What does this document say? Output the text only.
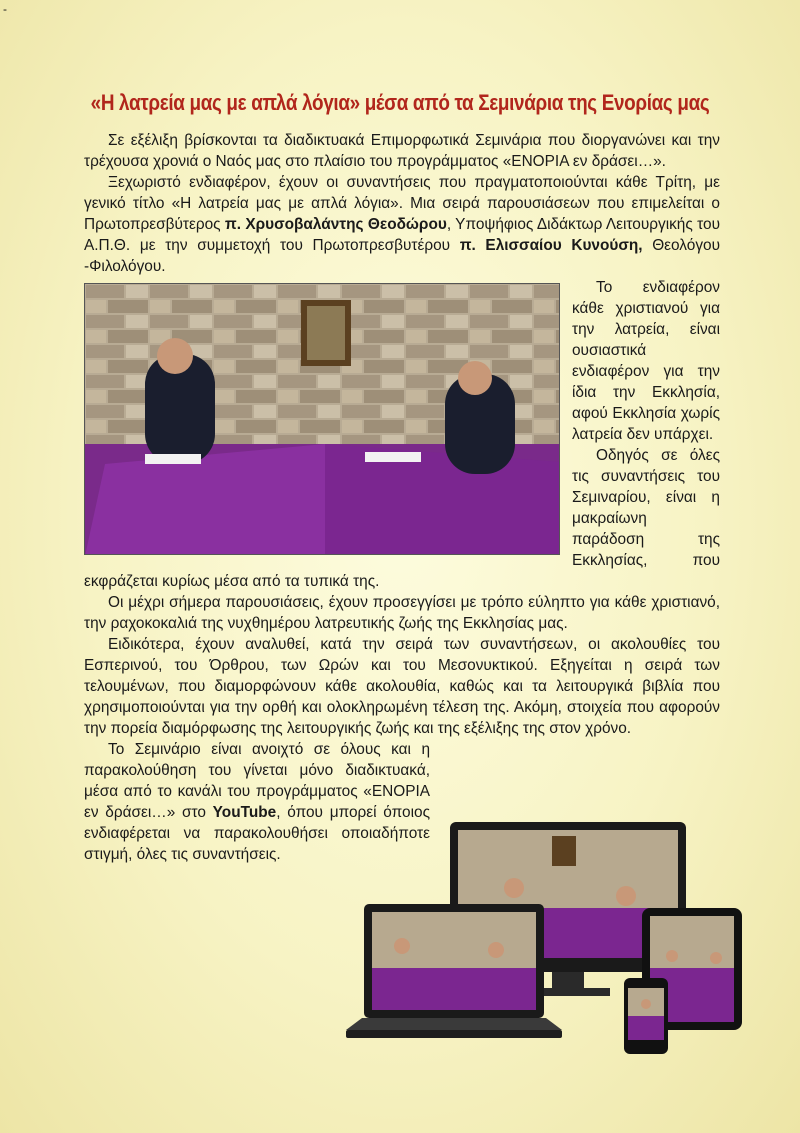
-
«Η λατρεία μας με απλά λόγια» μέσα από τα Σεμινάρια της Ενορίας μας

Σε εξέλιξη βρίσκονται τα διαδικτυακά Επιμορφωτικά Σεμινάρια που διοργανώνει και την τρέχουσα χρονιά ο Ναός μας στο πλαίσιο του προγράμματος «ΕΝΟΡΙΑ εν δράσει…».

Ξεχωριστό ενδιαφέρον, έχουν οι συναντήσεις που πραγματοποιούνται κάθε Τρίτη, με γενικό τίτλο «Η λατρεία μας με απλά λόγια». Μια σειρά παρουσιάσεων που επιμελείται ο Πρωτοπρεσβύτερος π. Χρυσοβαλάντης Θεοδώρου, Υποψήφιος Διδάκτωρ Λειτουργικής του Α.Π.Θ. με την συμμετοχή του Πρωτοπρεσβυτέρου π. Ελισσαίου Κυνούση, Θεολόγου -Φιλολόγου.

Το ενδιαφέρον κάθε χριστιανού για την λατρεία, είναι ουσιαστικά ενδιαφέρον για την ίδια την Εκκλησία, αφού Εκκλησία χωρίς λατρεία δεν υπάρχει.

Οδηγός σε όλες τις συναντήσεις του Σεμιναρίου, είναι η μακραίωνη παράδοση της Εκκλησίας, που εκφράζεται κυρίως μέσα από τα τυπικά της.

Οι μέχρι σήμερα παρουσιάσεις, έχουν προσεγγίσει με τρόπο εύληπτο για κάθε χριστιανό, την ραχοκοκαλιά της νυχθημέρου λατρευτικής ζωής της Εκκλησίας μας.

Ειδικότερα, έχουν αναλυθεί, κατά την σειρά των συναντήσεων, οι ακολουθίες του Εσπερινού, του Όρθρου, των Ωρών και του Μεσονυκτικού. Εξηγείται η σειρά των τελουμένων, που διαμορφώνουν κάθε ακολουθία, καθώς και τα λειτουργικά βιβλία που χρησιμοποιούνται για την ορθή και ολοκληρωμένη τέλεση της. Ακόμη, στοιχεία που αφορούν την πορεία διαμόρφωσης της λειτουργικής ζωής και της εξέλιξης της στον χρόνο.

Το Σεμινάριο είναι ανοιχτό σε όλους και η παρακολούθηση του γίνεται μόνο διαδικτυακά, μέσα από το κανάλι του προγράμματος «ΕΝΟΡΙΑ εν δράσει…» στο YouTube, όπου μπορεί όποιος ενδιαφέρεται να παρακολουθήσει οποιαδήποτε στιγμή, όλες τις συναντήσεις.
